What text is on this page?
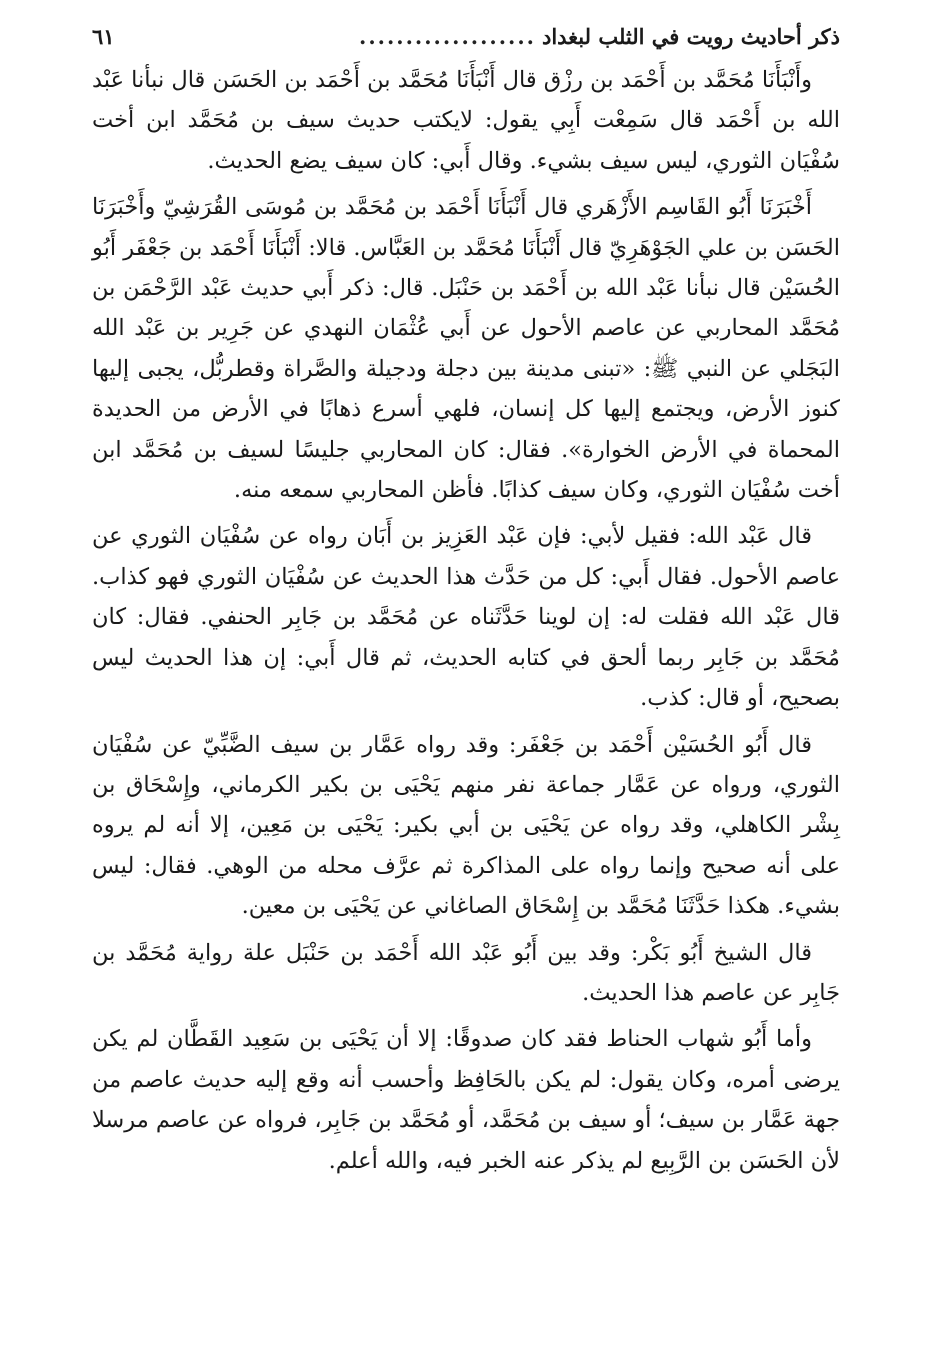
ذكر أحاديث رويت في الثلب لبغداد
...................
٦١

وأَنْبَأَنَا مُحَمَّد بن أَحْمَد بن رزْق قال أَنْبَأَنَا مُحَمَّد بن أَحْمَد بن الحَسَن قال نبأنا عَبْد الله بن أَحْمَد قال سَمِعْت أَبِي يقول: لايكتب حديث سيف بن مُحَمَّد ابن أخت سُفْيَان الثوري، ليس سيف بشيء. وقال أَبي: كان سيف يضع الحديث.

أَخْبَرَنَا أَبُو القَاسِم الأَزْهَري قال أَنْبَأَنَا أَحْمَد بن مُحَمَّد بن مُوسَى القُرَشِيّ وأَخْبَرَنَا الحَسَن بن علي الجَوْهَرِيّ قال أَنْبَأَنَا مُحَمَّد بن العَبَّاس. قالا: أَنْبَأَنَا أَحْمَد بن جَعْفَر أَبُو الحُسَيْن قال نبأنا عَبْد الله بن أَحْمَد بن حَنْبَل. قال: ذكر أَبي حديث عَبْد الرَّحْمَن بن مُحَمَّد المحاربي عن عاصم الأحول عن أَبي عُثْمَان النهدي عن جَرِير بن عَبْد الله البَجَلي عن النبي ﷺ: «تبنى مدينة بين دجلة ودجيلة والصَّراة وقطربُّل، يجبى إليها كنوز الأرض، ويجتمع إليها كل إنسان، فلهي أسرع ذهابًا في الأرض من الحديدة المحماة في الأرض الخوارة». فقال: كان المحاربي جليسًا لسيف بن مُحَمَّد ابن أخت سُفْيَان الثوري، وكان سيف كذابًا. فأظن المحاربي سمعه منه.

قال عَبْد الله: فقيل لأبي: فإن عَبْد العَزِيز بن أَبَان رواه عن سُفْيَان الثوري عن عاصم الأحول. فقال أَبي: كل من حَدَّث هذا الحديث عن سُفْيَان الثوري فهو كذاب. قال عَبْد الله فقلت له: إن لوينا حَدَّثَناه عن مُحَمَّد بن جَابِر الحنفي. فقال: كان مُحَمَّد بن جَابِر ربما ألحق في كتابه الحديث، ثم قال أَبي: إن هذا الحديث ليس بصحيح، أو قال: كذب.

قال أَبُو الحُسَيْن أَحْمَد بن جَعْفَر: وقد رواه عَمَّار بن سيف الضَّبِّيّ عن سُفْيَان الثوري، ورواه عن عَمَّار جماعة نفر منهم يَحْيَى بن بكير الكرماني، وإِسْحَاق بن بِشْر الكاهلي، وقد رواه عن يَحْيَى بن أبي بكير: يَحْيَى بن مَعِين، إلا أنه لم يروه على أنه صحيح وإنما رواه على المذاكرة ثم عرَّف محله من الوهي. فقال: ليس بشيء. هكذا حَدَّثَنَا مُحَمَّد بن إِسْحَاق الصاغاني عن يَحْيَى بن معين.

قال الشيخ أَبُو بَكْر: وقد بين أَبُو عَبْد الله أَحْمَد بن حَنْبَل علة رواية مُحَمَّد بن جَابِر عن عاصم هذا الحديث.

وأما أَبُو شهاب الحناط فقد كان صدوقًا: إلا أن يَحْيَى بن سَعِيد القَطَّان لم يكن يرضى أمره، وكان يقول: لم يكن بالحَافِظ وأحسب أنه وقع إليه حديث عاصم من جهة عَمَّار بن سيف؛ أو سيف بن مُحَمَّد، أو مُحَمَّد بن جَابِر، فرواه عن عاصم مرسلا لأن الحَسَن بن الرَّبِيع لم يذكر عنه الخبر فيه، والله أعلم.
